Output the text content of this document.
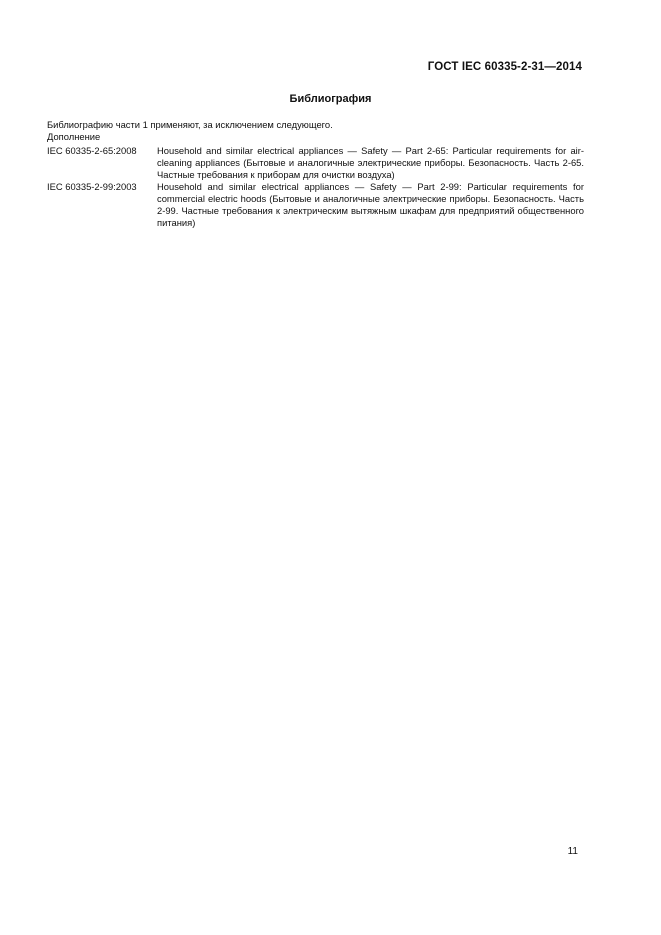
ГОСТ IEC 60335-2-31—2014
Библиография
Библиографию части 1 применяют, за исключением следующего.
Дополнение
IEC 60335-2-65:2008	Household and similar electrical appliances — Safety — Part 2-65: Particular requirements for air-cleaning appliances (Бытовые и аналогичные электрические приборы. Безопасность. Часть 2-65. Частные требования к приборам для очистки воздуха)
IEC 60335-2-99:2003	Household and similar electrical appliances — Safety — Part 2-99: Particular requirements for commercial electric hoods (Бытовые и аналогичные электрические приборы. Безопасность. Часть 2-99. Частные требования к электрическим вытяжным шкафам для предприятий общественного питания)
11
